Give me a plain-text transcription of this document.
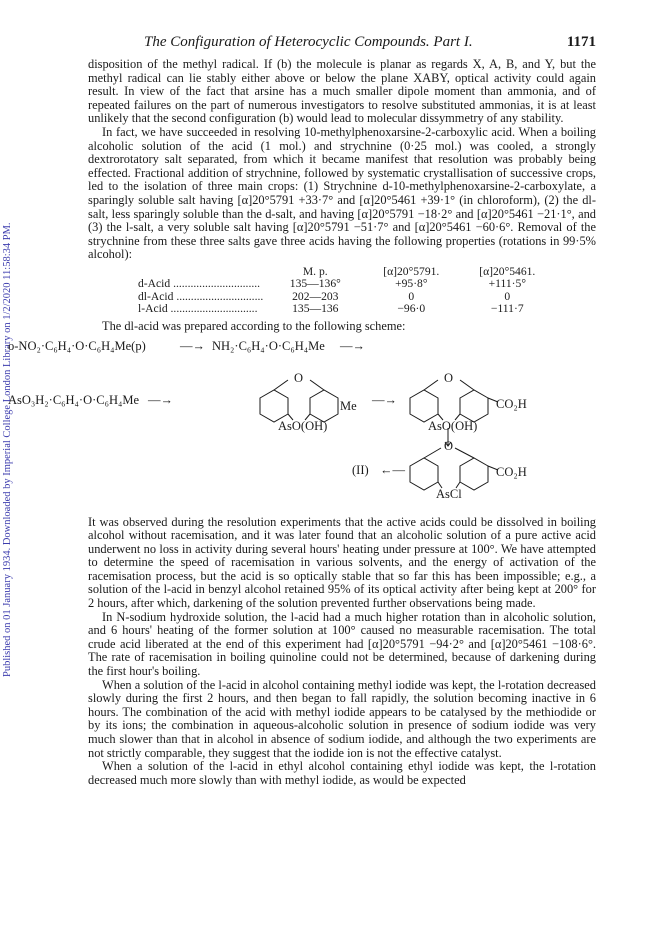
Published on 01 January 1934. Downloaded by Imperial College London Library on 1/2/2020 11:58:34 PM.
The Configuration of Heterocyclic Compounds. Part I.	1171

disposition of the methyl radical. If (b) the molecule is planar as regards X, A, B, and Y, but the methyl radical can lie stably either above or below the plane XABY, optical activity could again result. In view of the fact that arsine has a much smaller dipole moment than ammonia, and of repeated failures on the part of numerous investigators to resolve substituted ammonias, it is at least unlikely that the second configuration (b) would lead to molecular dissymmetry of any stability.

In fact, we have succeeded in resolving 10-methylphenoxarsine-2-carboxylic acid. When a boiling alcoholic solution of the acid (1 mol.) and strychnine (0·25 mol.) was cooled, a strongly dextrorotatory salt separated, from which it became manifest that resolution was probably being effected. Fractional addition of strychnine, followed by systematic crystallisation of successive crops, led to the isolation of three main crops: (1) Strychnine d-10-methylphenoxarsine-2-carboxylate, a sparingly soluble salt having [α]20°5791 +33·7° and [α]20°5461 +39·1° (in chloroform), (2) the dl-salt, less sparingly soluble than the d-salt, and having [α]20°5791 −18·2° and [α]20°5461 −21·1°, and (3) the l-salt, a very soluble salt having [α]20°5791 −51·7° and [α]20°5461 −60·6°. Removal of the strychnine from these three salts gave three acids having the following properties (rotations in 99·5% alcohol):

	M. p.	[α]20°5791.	[α]20°5461.
d-Acid ..............................	135—136°	+95·8°	+111·5°
dl-Acid ..............................	202—203	0	0
l-Acid ..............................	135—136	−96·0	−111·7

The dl-acid was prepared according to the following scheme:

o-NO₂·C₆H₄·O·C₆H₄Me(p)	—→ NH₂·C₆H₄·O·C₆H₄Me —→
AsO₃H₂·C₆H₄·O·C₆H₄Me —→
O
AsO(OH)
Me —→
O
AsO(OH)
CO₂H
(II) ←—
O
AsCl
CO₂H

It was observed during the resolution experiments that the active acids could be dissolved in boiling alcohol without racemisation, and it was later found that an alcoholic solution of a pure active acid underwent no loss in activity during several hours' heating under pressure at 100°. We have attempted to determine the speed of racemisation in various solvents, and the energy of activation of the racemisation process, but the acid is so optically stable that so far this has been impossible; e.g., a solution of the l-acid in benzyl alcohol retained 95% of its optical activity after being kept at 200° for 2 hours, after which, darkening of the solution prevented further observations being made.

In N-sodium hydroxide solution, the l-acid had a much higher rotation than in alcoholic solution, and 6 hours' heating of the former solution at 100° caused no measurable racemisation. The total crude acid liberated at the end of this experiment had [α]20°5791 −94·2° and [α]20°5461 −108·6°. The rate of racemisation in boiling quinoline could not be determined, because of darkening during the first hour's boiling.

When a solution of the l-acid in alcohol containing methyl iodide was kept, the l-rotation decreased slowly during the first 2 hours, and then began to fall rapidly, the solution becoming inactive in 6 hours. The combination of the acid with methyl iodide appears to be catalysed by the methiodide or by its ions; the combination in aqueous-alcoholic solution in presence of sodium iodide was very much slower than that in alcohol in absence of sodium iodide, and although the two experiments are not strictly comparable, they suggest that the iodide ion is not the effective catalyst.

When a solution of the l-acid in ethyl alcohol containing ethyl iodide was kept, the l-rotation decreased much more slowly than with methyl iodide, as would be expected
